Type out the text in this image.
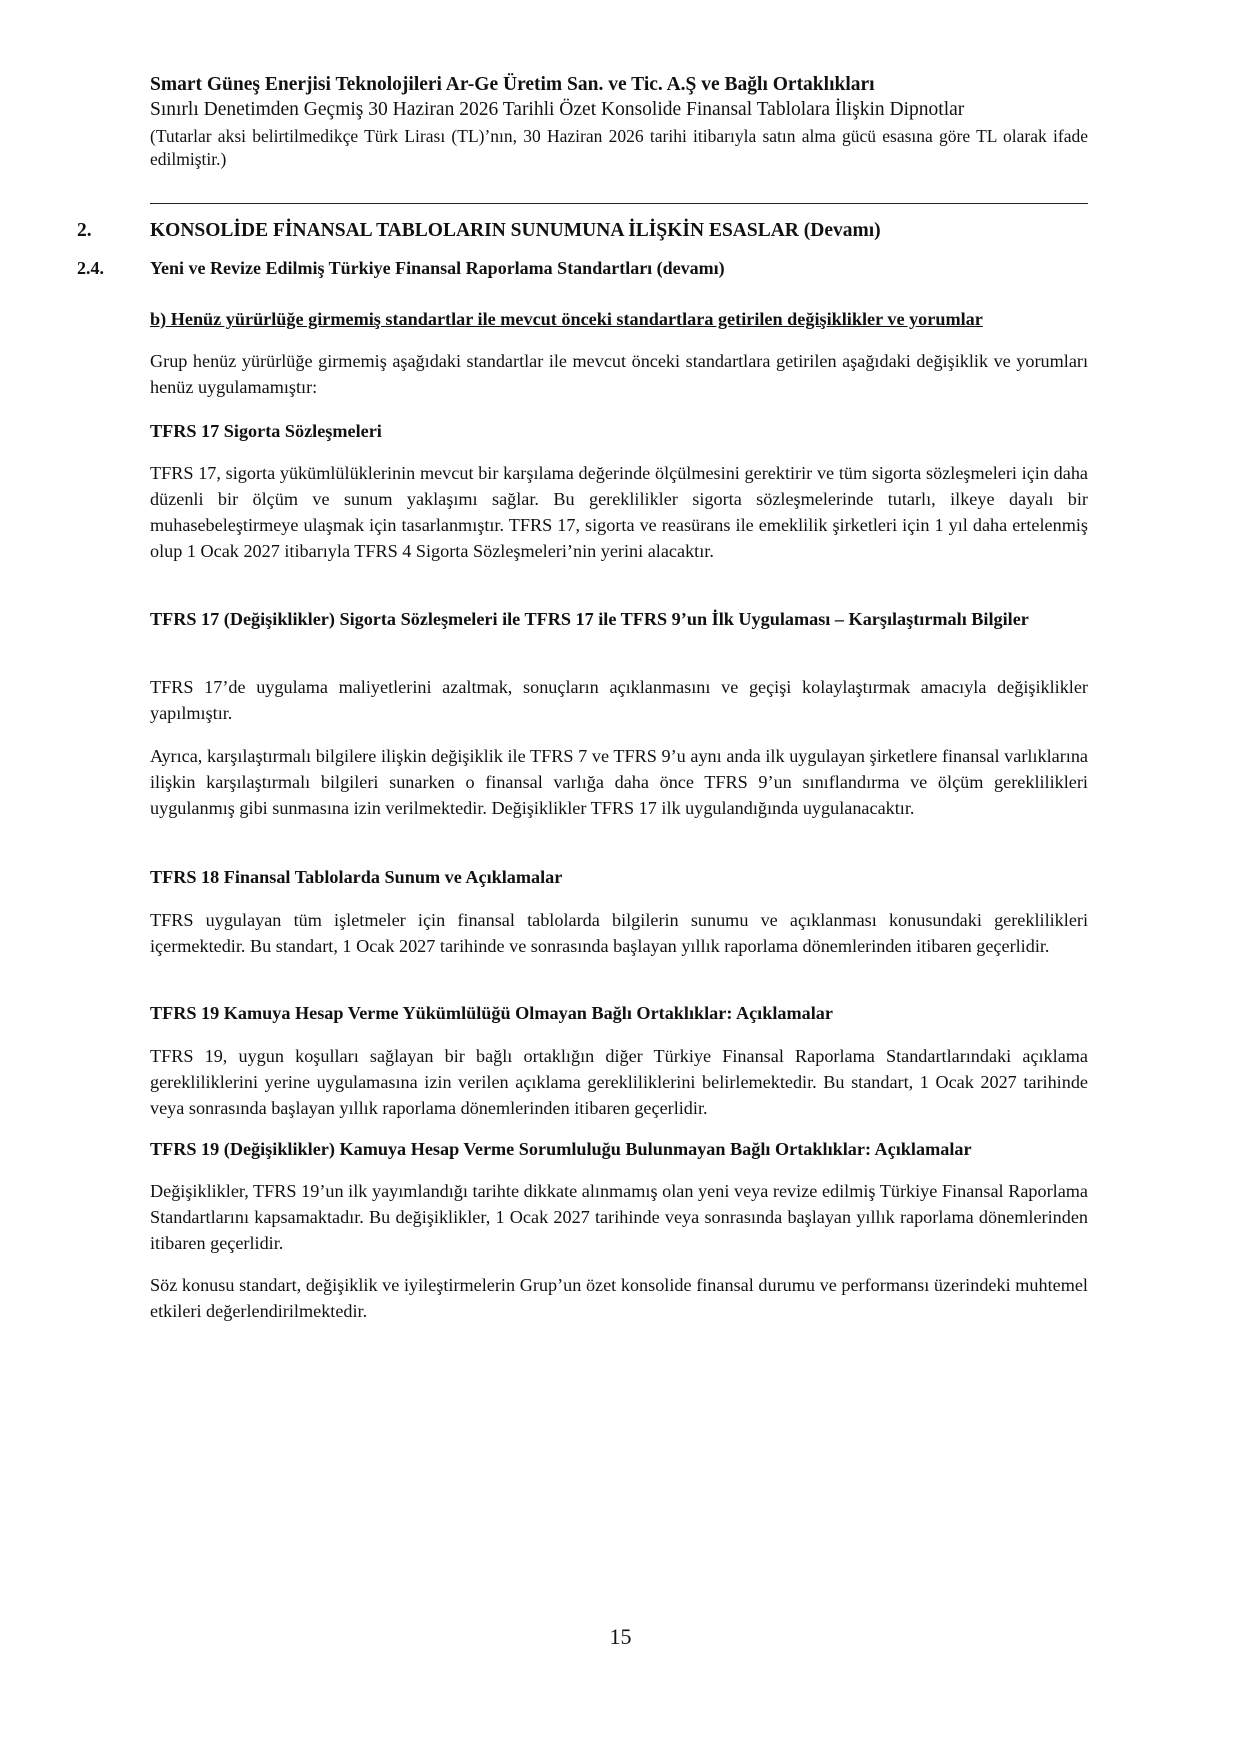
Smart Güneş Enerjisi Teknolojileri Ar-Ge Üretim San. ve Tic. A.Ş ve Bağlı Ortaklıkları

Sınırlı Denetimden Geçmiş 30 Haziran 2026 Tarihli Özet Konsolide Finansal Tablolara İlişkin Dipnotlar

(Tutarlar aksi belirtilmedikçe Türk Lirası (TL)’nın, 30 Haziran 2026 tarihi itibarıyla satın alma gücü esasına göre TL olarak ifade edilmiştir.)

2.	KONSOLİDE FİNANSAL TABLOLARIN SUNUMUNA İLİŞKİN ESASLAR (Devamı)
2.4.	Yeni ve Revize Edilmiş Türkiye Finansal Raporlama Standartları (devamı)

b) Henüz yürürlüğe girmemiş standartlar ile mevcut önceki standartlara getirilen değişiklikler ve yorumlar

Grup henüz yürürlüğe girmemiş aşağıdaki standartlar ile mevcut önceki standartlara getirilen aşağıdaki değişiklik ve yorumları henüz uygulamamıştır:

TFRS 17 Sigorta Sözleşmeleri

TFRS 17, sigorta yükümlülüklerinin mevcut bir karşılama değerinde ölçülmesini gerektirir ve tüm sigorta sözleşmeleri için daha düzenli bir ölçüm ve sunum yaklaşımı sağlar. Bu gereklilikler sigorta sözleşmelerinde tutarlı, ilkeye dayalı bir muhasebeleştirmeye ulaşmak için tasarlanmıştır. TFRS 17, sigorta ve reasürans ile emeklilik şirketleri için 1 yıl daha ertelenmiş olup 1 Ocak 2027 itibarıyla TFRS 4 Sigorta Sözleşmeleri’nin yerini alacaktır.

TFRS 17 (Değişiklikler) Sigorta Sözleşmeleri ile TFRS 17 ile TFRS 9’un İlk Uygulaması – Karşılaştırmalı Bilgiler

TFRS 17’de uygulama maliyetlerini azaltmak, sonuçların açıklanmasını ve geçişi kolaylaştırmak amacıyla değişiklikler yapılmıştır.

Ayrıca, karşılaştırmalı bilgilere ilişkin değişiklik ile TFRS 7 ve TFRS 9’u aynı anda ilk uygulayan şirketlere finansal varlıklarına ilişkin karşılaştırmalı bilgileri sunarken o finansal varlığa daha önce TFRS 9’un sınıflandırma ve ölçüm gereklilikleri uygulanmış gibi sunmasına izin verilmektedir. Değişiklikler TFRS 17 ilk uygulandığında uygulanacaktır.

TFRS 18 Finansal Tablolarda Sunum ve Açıklamalar

TFRS uygulayan tüm işletmeler için finansal tablolarda bilgilerin sunumu ve açıklanması konusundaki gereklilikleri içermektedir. Bu standart, 1 Ocak 2027 tarihinde ve sonrasında başlayan yıllık raporlama dönemlerinden itibaren geçerlidir.

TFRS 19 Kamuya Hesap Verme Yükümlülüğü Olmayan Bağlı Ortaklıklar: Açıklamalar

TFRS 19, uygun koşulları sağlayan bir bağlı ortaklığın diğer Türkiye Finansal Raporlama Standartlarındaki açıklama gerekliliklerini yerine uygulamasına izin verilen açıklama gerekliliklerini belirlemektedir. Bu standart, 1 Ocak 2027 tarihinde veya sonrasında başlayan yıllık raporlama dönemlerinden itibaren geçerlidir.

TFRS 19 (Değişiklikler) Kamuya Hesap Verme Sorumluluğu Bulunmayan Bağlı Ortaklıklar: Açıklamalar

Değişiklikler, TFRS 19’un ilk yayımlandığı tarihte dikkate alınmamış olan yeni veya revize edilmiş Türkiye Finansal Raporlama Standartlarını kapsamaktadır. Bu değişiklikler, 1 Ocak 2027 tarihinde veya sonrasında başlayan yıllık raporlama dönemlerinden itibaren geçerlidir.

Söz konusu standart, değişiklik ve iyileştirmelerin Grup’un özet konsolide finansal durumu ve performansı üzerindeki muhtemel etkileri değerlendirilmektedir.

15
